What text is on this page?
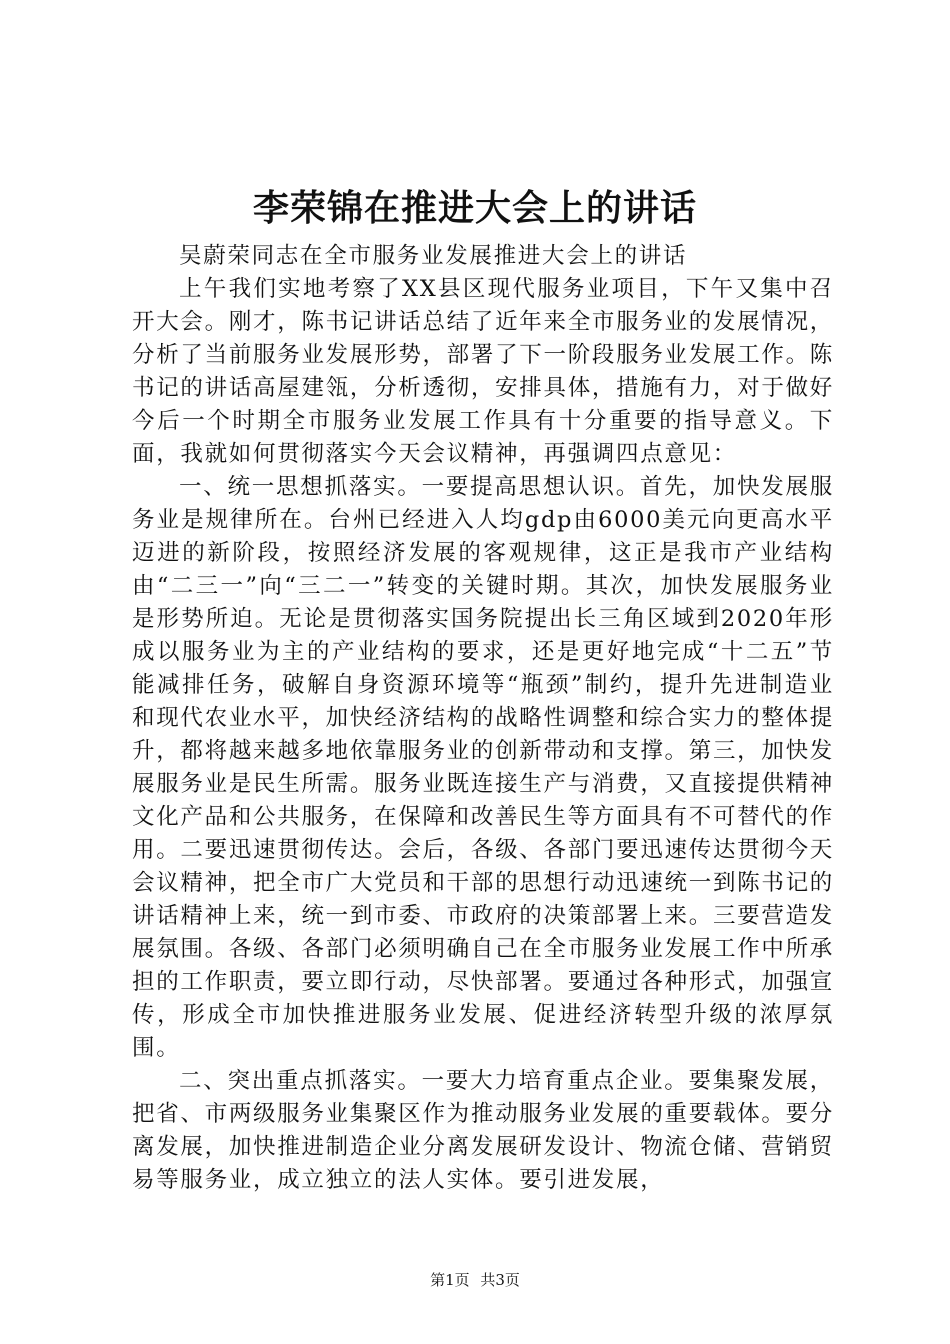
李荣锦在推进大会上的讲话

吴蔚荣同志在全市服务业发展推进大会上的讲话

上午我们实地考察了XX县区现代服务业项目，下午又集中召开大会。刚才，陈书记讲话总结了近年来全市服务业的发展情况，分析了当前服务业发展形势，部署了下一阶段服务业发展工作。陈书记的讲话高屋建瓴，分析透彻，安排具体，措施有力，对于做好今后一个时期全市服务业发展工作具有十分重要的指导意义。下面，我就如何贯彻落实今天会议精神，再强调四点意见：

一、统一思想抓落实。一要提高思想认识。首先，加快发展服务业是规律所在。台州已经进入人均gdp由6000美元向更高水平迈进的新阶段，按照经济发展的客观规律，这正是我市产业结构由“二三一”向“三二一”转变的关键时期。其次，加快发展服务业是形势所迫。无论是贯彻落实国务院提出长三角区域到2020年形成以服务业为主的产业结构的要求，还是更好地完成“十二五”节能减排任务，破解自身资源环境等“瓶颈”制约，提升先进制造业和现代农业水平，加快经济结构的战略性调整和综合实力的整体提升，都将越来越多地依靠服务业的创新带动和支撑。第三，加快发展服务业是民生所需。服务业既连接生产与消费，又直接提供精神文化产品和公共服务，在保障和改善民生等方面具有不可替代的作用。二要迅速贯彻传达。会后，各级、各部门要迅速传达贯彻今天会议精神，把全市广大党员和干部的思想行动迅速统一到陈书记的讲话精神上来，统一到市委、市政府的决策部署上来。三要营造发展氛围。各级、各部门必须明确自己在全市服务业发展工作中所承担的工作职责，要立即行动，尽快部署。要通过各种形式，加强宣传，形成全市加快推进服务业发展、促进经济转型升级的浓厚氛围。

二、突出重点抓落实。一要大力培育重点企业。要集聚发展，把省、市两级服务业集聚区作为推动服务业发展的重要载体。要分离发展，加快推进制造企业分离发展研发设计、物流仓储、营销贸易等服务业，成立独立的法人实体。要引进发展，

第1页 共3页
